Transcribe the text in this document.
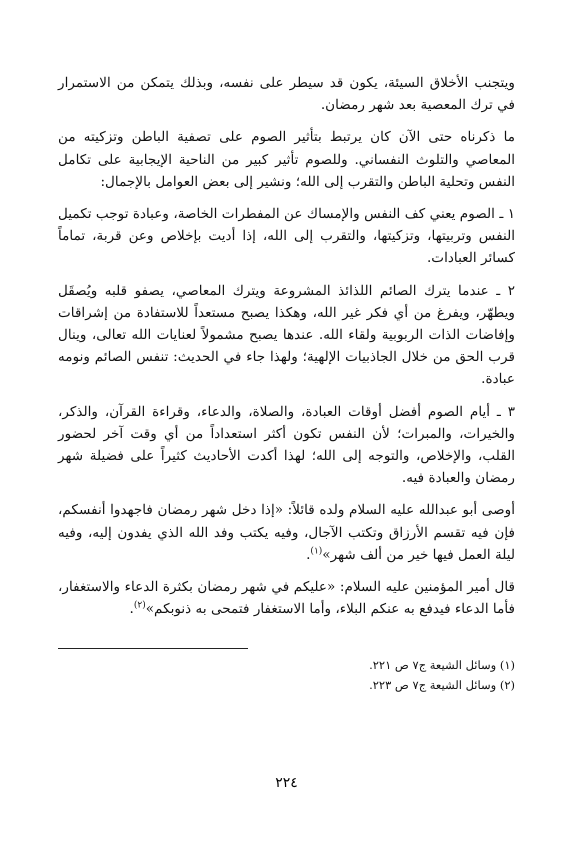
ويتجنب الأخلاق السيئة، يكون قد سيطر على نفسه، وبذلك يتمكن من الاستمرار في ترك المعصية بعد شهر رمضان.

ما ذكرناه حتى الآن كان يرتبط بتأثير الصوم على تصفية الباطن وتزكيته من المعاصي والتلوث النفساني. وللصوم تأثير كبير من الناحية الإيجابية على تكامل النفس وتحلية الباطن والتقرب إلى الله؛ ونشير إلى بعض العوامل بالإجمال:

١ ـ الصوم يعني كف النفس والإمساك عن المفطرات الخاصة، وعبادة توجب تكميل النفس وتربيتها، وتزكيتها، والتقرب إلى الله، إذا أديت بإخلاص وعن قربة، تماماً كسائر العبادات.

٢ ـ عندما يترك الصائم اللذائذ المشروعة ويترك المعاصي، يصفو قلبه ويُصقَل ويطهّر، ويفرغ من أي فكر غير الله، وهكذا يصبح مستعداً للاستفادة من إشراقات وإفاضات الذات الربوبية ولقاء الله. عندها يصبح مشمولاً لعنايات الله تعالى، وينال قرب الحق من خلال الجاذبيات الإلهية؛ ولهذا جاء في الحديث: تنفس الصائم ونومه عبادة.

٣ ـ أيام الصوم أفضل أوقات العبادة، والصلاة، والدعاء، وقراءة القرآن، والذكر، والخيرات، والمبرات؛ لأن النفس تكون أكثر استعداداً من أي وقت آخر لحضور القلب، والإخلاص، والتوجه إلى الله؛ لهذا أكدت الأحاديث كثيراً على فضيلة شهر رمضان والعبادة فيه.

أوصى أبو عبدالله عليه السلام ولده قائلاً: «إذا دخل شهر رمضان فاجهدوا أنفسكم، فإن فيه تقسم الأرزاق وتكتب الآجال، وفيه يكتب وفد الله الذي يفدون إليه، وفيه ليلة العمل فيها خير من ألف شهر»$^{(١)}$.

قال أمير المؤمنين عليه السلام: «عليكم في شهر رمضان بكثرة الدعاء والاستغفار، فأما الدعاء فيدفع به عنكم البلاء، وأما الاستغفار فتمحى به ذنوبكم»$^{(٢)}$.

(١) وسائل الشيعة ج٧ ص ٢٢١.

(٢) وسائل الشيعة ج٧ ص ٢٢٣.

٢٢٤
